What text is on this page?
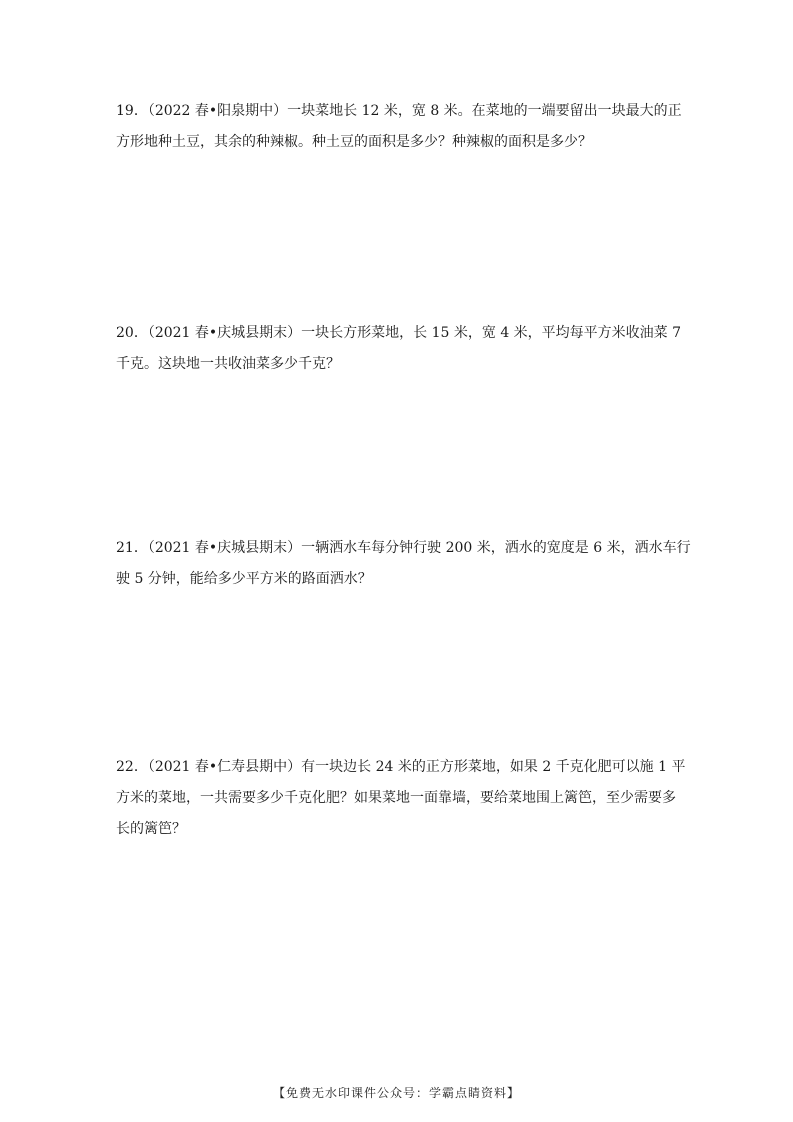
19．（2022 春•阳泉期中）一块菜地长 12 米，宽 8 米。在菜地的一端要留出一块最大的正
方形地种土豆，其余的种辣椒。种土豆的面积是多少？种辣椒的面积是多少？
20．（2021 春•庆城县期末）一块长方形菜地，长 15 米，宽 4 米，平均每平方米收油菜 7
千克。这块地一共收油菜多少千克？
21．（2021 春•庆城县期末）一辆洒水车每分钟行驶 200 米，洒水的宽度是 6 米，洒水车行
驶 5 分钟，能给多少平方米的路面洒水？
22．（2021 春•仁寿县期中）有一块边长 24 米的正方形菜地，如果 2 千克化肥可以施 1 平
方米的菜地，一共需要多少千克化肥？如果菜地一面靠墙，要给菜地围上篱笆，至少需要多
长的篱笆？
【免费无水印课件公众号：学霸点睛资料】
